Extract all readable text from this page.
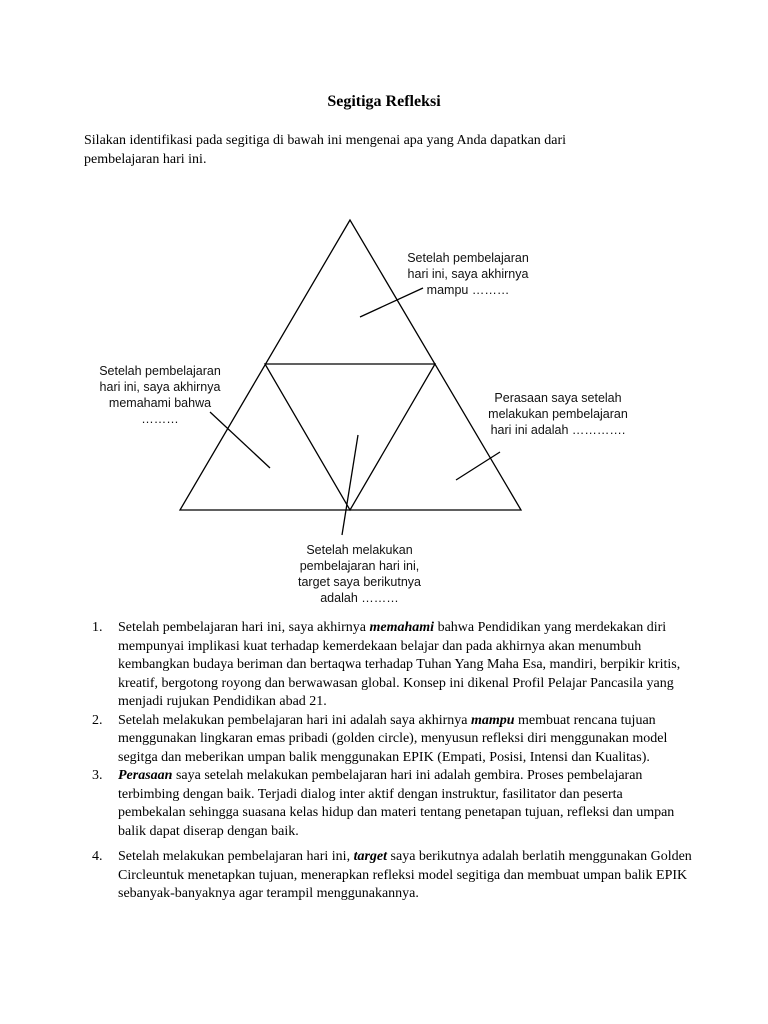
Segitiga Refleksi
Silakan identifikasi pada segitiga di bawah ini mengenai apa yang Anda dapatkan dari pembelajaran hari ini.
Setelah pembelajaran
hari ini, saya akhirnya
mampu ………
Setelah pembelajaran
hari ini, saya akhirnya
memahami bahwa
………
Perasaan saya setelah
melakukan pembelajaran
hari ini adalah ………….
Setelah melakukan
pembelajaran hari ini,
target saya berikutnya
adalah ………
1. Setelah pembelajaran hari ini, saya akhirnya memahami bahwa Pendidikan yang merdekakan diri mempunyai implikasi kuat terhadap kemerdekaan belajar dan pada akhirnya akan menumbuh kembangkan budaya beriman dan bertaqwa terhadap Tuhan Yang Maha Esa, mandiri, berpikir kritis, kreatif, bergotong royong dan berwawasan global. Konsep ini dikenal Profil Pelajar Pancasila yang menjadi rujukan Pendidikan abad 21.
2. Setelah melakukan pembelajaran hari ini adalah saya akhirnya mampu membuat rencana tujuan menggunakan lingkaran emas pribadi (golden circle), menyusun refleksi diri menggunakan model segitga dan meberikan umpan balik menggunakan EPIK (Empati, Posisi, Intensi dan Kualitas).
3. Perasaan saya setelah melakukan pembelajaran hari ini adalah gembira. Proses pembelajaran terbimbing dengan baik. Terjadi dialog inter aktif dengan instruktur, fasilitator dan peserta pembekalan sehingga suasana kelas hidup dan materi tentang penetapan tujuan, refleksi dan umpan balik dapat diserap dengan baik.
4. Setelah melakukan pembelajaran hari ini, target saya berikutnya adalah berlatih menggunakan Golden Circleuntuk menetapkan tujuan, menerapkan refleksi model segitiga dan membuat umpan balik EPIK sebanyak-banyaknya agar terampil menggunakannya.
